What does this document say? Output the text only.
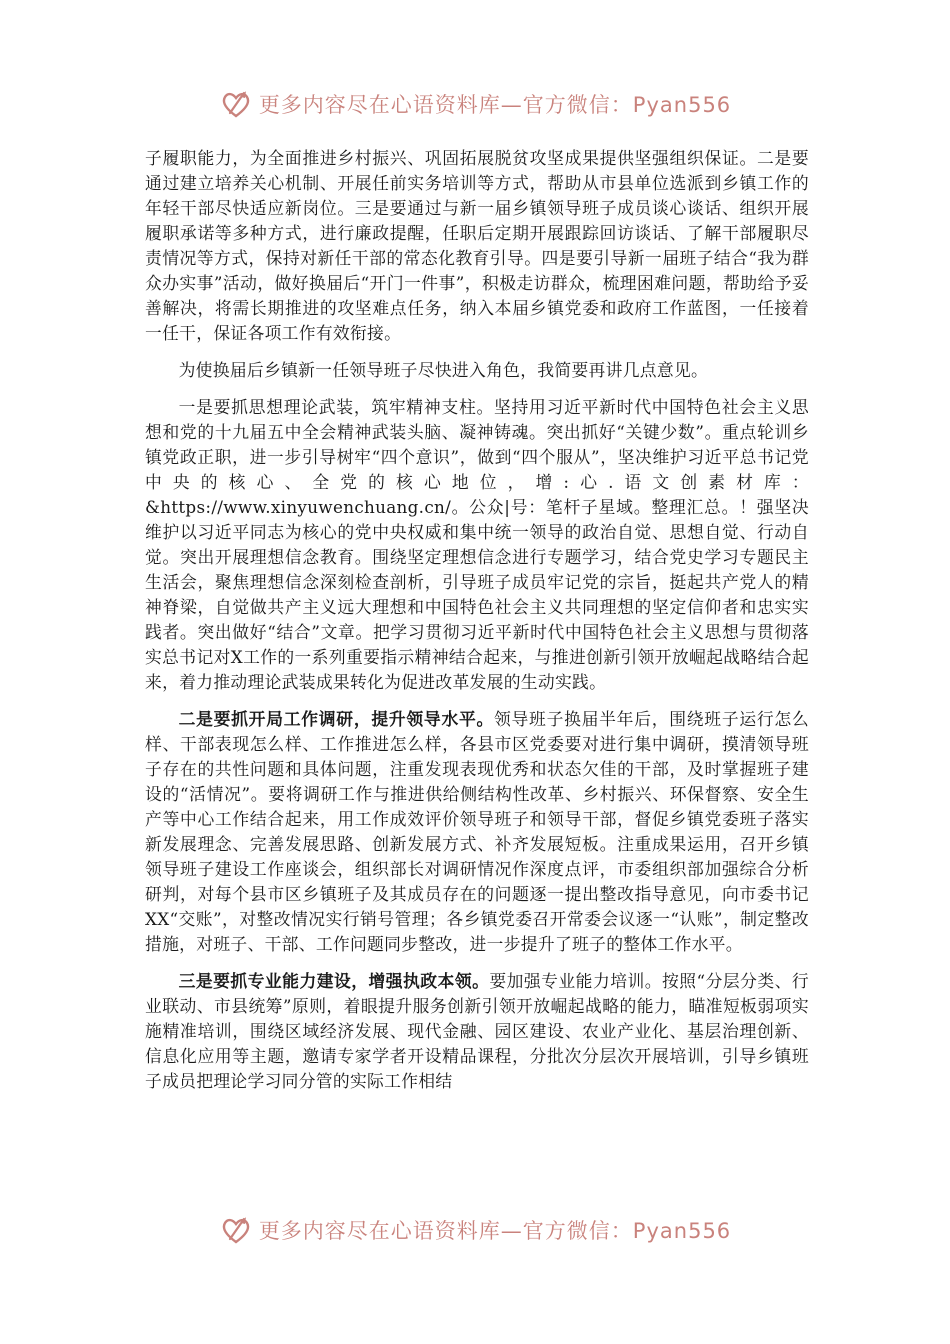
更多内容尽在心语资料库—官方微信：Pyan556

子履职能力，为全面推进乡村振兴、巩固拓展脱贫攻坚成果提供坚强组织保证。二是要通过建立培养关心机制、开展任前实务培训等方式，帮助从市县单位选派到乡镇工作的年轻干部尽快适应新岗位。三是要通过与新一届乡镇领导班子成员谈心谈话、组织开展履职承诺等多种方式，进行廉政提醒，任职后定期开展跟踪回访谈话、了解干部履职尽责情况等方式，保持对新任干部的常态化教育引导。四是要引导新一届班子结合“我为群众办实事”活动，做好换届后“开门一件事”，积极走访群众，梳理困难问题，帮助给予妥善解决，将需长期推进的攻坚难点任务，纳入本届乡镇党委和政府工作蓝图，一任接着一任干，保证各项工作有效衔接。

为使换届后乡镇新一任领导班子尽快进入角色，我简要再讲几点意见。

一是要抓思想理论武装，筑牢精神支柱。坚持用习近平新时代中国特色社会主义思想和党的十九届五中全会精神武装头脑、凝神铸魂。突出抓好“关键少数”。重点轮训乡镇党政正职，进一步引导树牢“四个意识”，做到“四个服从”，坚决维护习近平总书记党中央的核心、全党的核心地位，增:心.语文创素材库：&https://www.xinyuwenchuang.cn/。公众|号：笔杆子星域。整理汇总。！强坚决维护以习近平同志为核心的党中央权威和集中统一领导的政治自觉、思想自觉、行动自觉。突出开展理想信念教育。围绕坚定理想信念进行专题学习，结合党史学习专题民主生活会，聚焦理想信念深刻检查剖析，引导班子成员牢记党的宗旨，挺起共产党人的精神脊梁，自觉做共产主义远大理想和中国特色社会主义共同理想的坚定信仰者和忠实实践者。突出做好“结合”文章。把学习贯彻习近平新时代中国特色社会主义思想与贯彻落实总书记对X工作的一系列重要指示精神结合起来，与推进创新引领开放崛起战略结合起来，着力推动理论武装成果转化为促进改革发展的生动实践。

二是要抓开局工作调研，提升领导水平。领导班子换届半年后，围绕班子运行怎么样、干部表现怎么样、工作推进怎么样，各县市区党委要对进行集中调研，摸清领导班子存在的共性问题和具体问题，注重发现表现优秀和状态欠佳的干部，及时掌握班子建设的“活情况”。要将调研工作与推进供给侧结构性改革、乡村振兴、环保督察、安全生产等中心工作结合起来，用工作成效评价领导班子和领导干部，督促乡镇党委班子落实新发展理念、完善发展思路、创新发展方式、补齐发展短板。注重成果运用，召开乡镇领导班子建设工作座谈会，组织部长对调研情况作深度点评，市委组织部加强综合分析研判，对每个县市区乡镇班子及其成员存在的问题逐一提出整改指导意见，向市委书记XX“交账”，对整改情况实行销号管理；各乡镇党委召开常委会议逐一“认账”，制定整改措施，对班子、干部、工作问题同步整改，进一步提升了班子的整体工作水平。

三是要抓专业能力建设，增强执政本领。要加强专业能力培训。按照“分层分类、行业联动、市县统筹”原则，着眼提升服务创新引领开放崛起战略的能力，瞄准短板弱项实施精准培训，围绕区域经济发展、现代金融、园区建设、农业产业化、基层治理创新、信息化应用等主题，邀请专家学者开设精品课程，分批次分层次开展培训，引导乡镇班子成员把理论学习同分管的实际工作相结

更多内容尽在心语资料库—官方微信：Pyan556
